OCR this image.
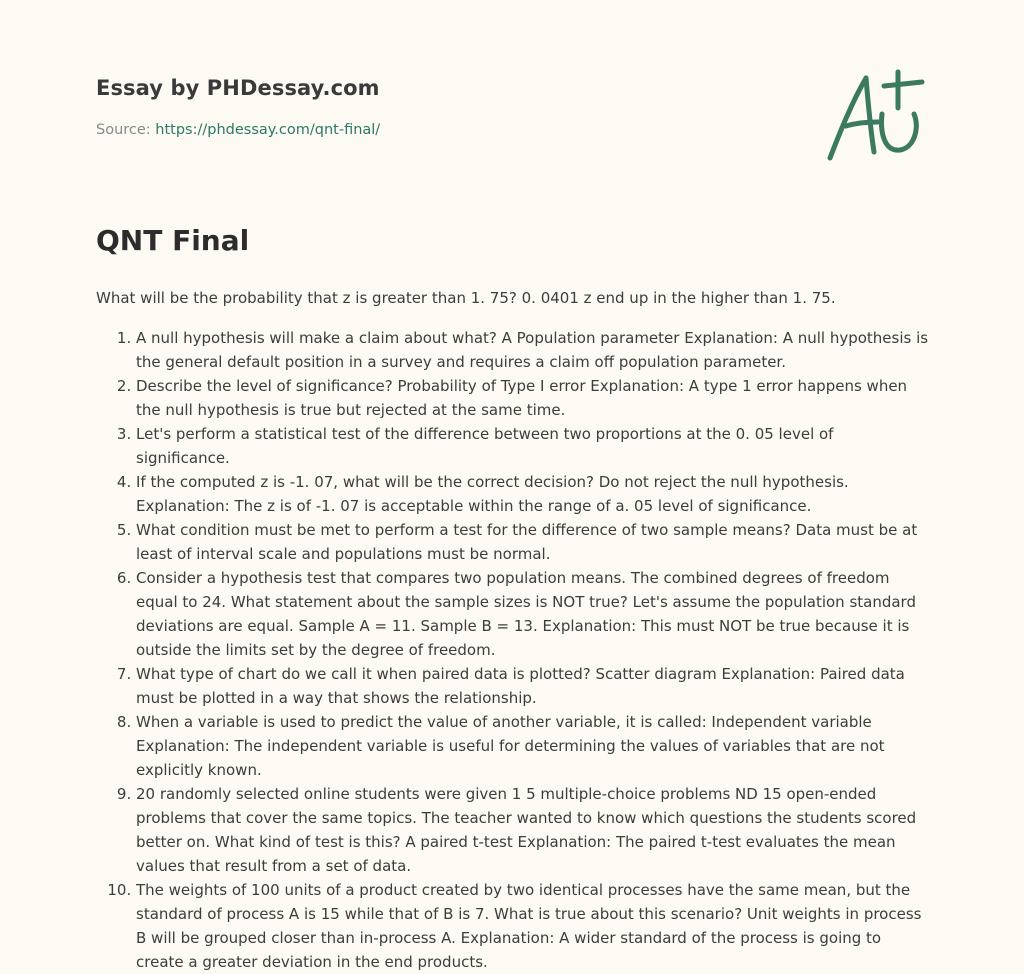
Essay by PHDessay.com
Source: https://phdessay.com/qnt-final/
QNT Final

What will be the probability that z is greater than 1. 75? 0. 0401 z end up in the higher than 1. 75.

1. A null hypothesis will make a claim about what? A Population parameter Explanation: A null hypothesis is the general default position in a survey and requires a claim off population parameter.
2. Describe the level of significance? Probability of Type I error Explanation: A type 1 error happens when the null hypothesis is true but rejected at the same time.
3. Let's perform a statistical test of the difference between two proportions at the 0. 05 level of significance.
4. If the computed z is -1. 07, what will be the correct decision? Do not reject the null hypothesis. Explanation: The z is of -1. 07 is acceptable within the range of a. 05 level of significance.
5. What condition must be met to perform a test for the difference of two sample means? Data must be at least of interval scale and populations must be normal.
6. Consider a hypothesis test that compares two population means. The combined degrees of freedom equal to 24. What statement about the sample sizes is NOT true? Let's assume the population standard deviations are equal. Sample A = 11. Sample B = 13. Explanation: This must NOT be true because it is outside the limits set by the degree of freedom.
7. What type of chart do we call it when paired data is plotted? Scatter diagram Explanation: Paired data must be plotted in a way that shows the relationship.
8. When a variable is used to predict the value of another variable, it is called: Independent variable Explanation: The independent variable is useful for determining the values of variables that are not explicitly known.
9. 20 randomly selected online students were given 1 5 multiple-choice problems ND 15 open-ended problems that cover the same topics. The teacher wanted to know which questions the students scored better on. What kind of test is this? A paired t-test Explanation: The paired t-test evaluates the mean values that result from a set of data.
10. The weights of 100 units of a product created by two identical processes have the same mean, but the standard of process A is 15 while that of B is 7. What is true about this scenario? Unit weights in process B will be grouped closer than in-process A. Explanation: A wider standard of the process is going to create a greater deviation in the end products.
